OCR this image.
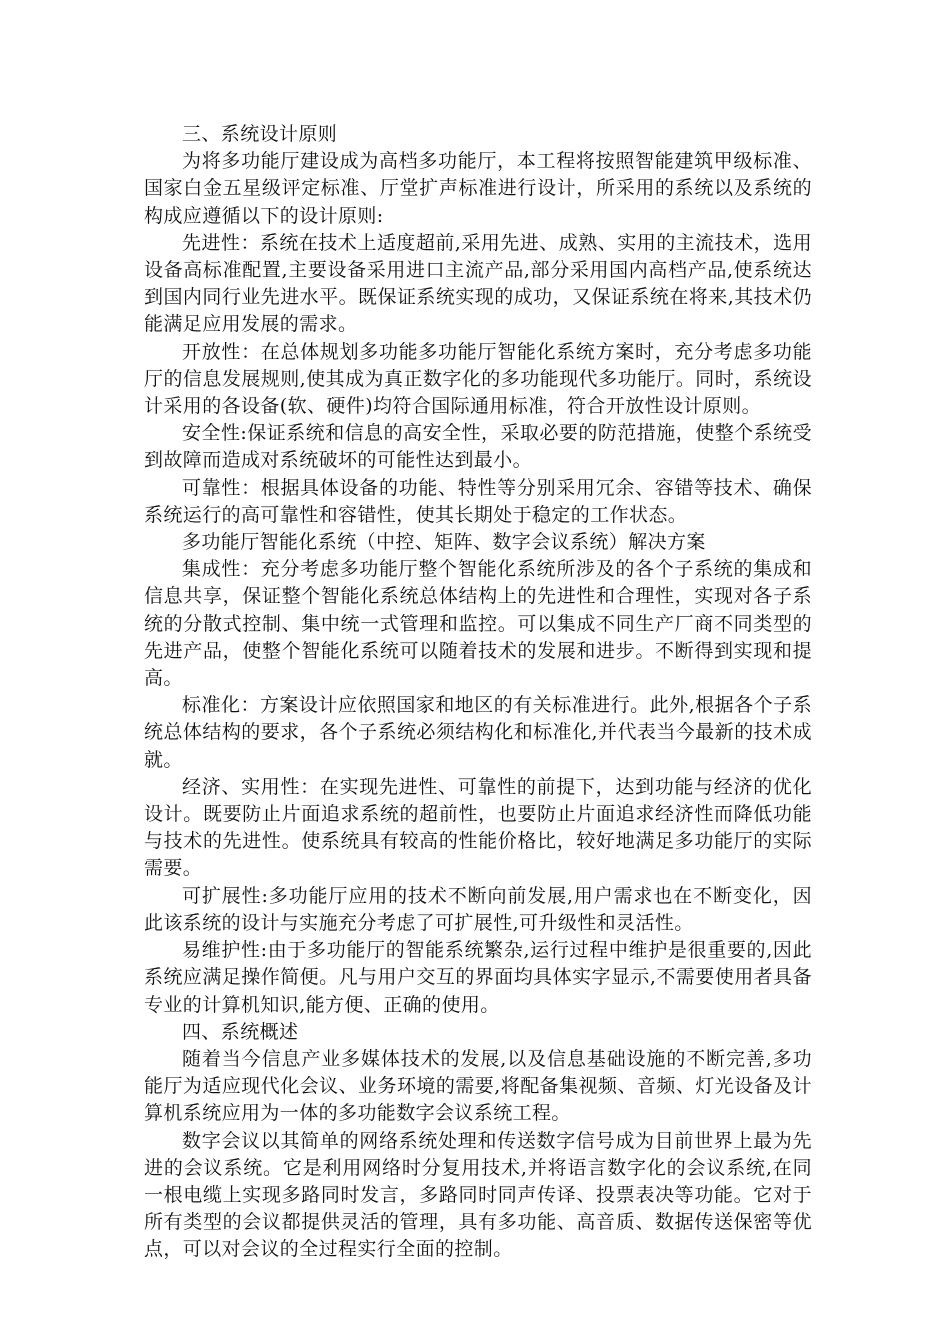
三、系统设计原则

为将多功能厅建设成为高档多功能厅，本工程将按照智能建筑甲级标准、国家白金五星级评定标准、厅堂扩声标准进行设计，所采用的系统以及系统的构成应遵循以下的设计原则:

先进性：系统在技术上适度超前,采用先进、成熟、实用的主流技术，选用设备高标准配置,主要设备采用进口主流产品,部分采用国内高档产品,使系统达到国内同行业先进水平。既保证系统实现的成功，又保证系统在将来,其技术仍能满足应用发展的需求。

开放性：在总体规划多功能多功能厅智能化系统方案时，充分考虑多功能厅的信息发展规则,使其成为真正数字化的多功能现代多功能厅。同时，系统设计采用的各设备(软、硬件)均符合国际通用标准，符合开放性设计原则。

安全性:保证系统和信息的高安全性，采取必要的防范措施，使整个系统受到故障而造成对系统破坏的可能性达到最小。

可靠性：根据具体设备的功能、特性等分别采用冗余、容错等技术、确保系统运行的高可靠性和容错性，使其长期处于稳定的工作状态。

多功能厅智能化系统（中控、矩阵、数字会议系统）解决方案

集成性：充分考虑多功能厅整个智能化系统所涉及的各个子系统的集成和信息共享，保证整个智能化系统总体结构上的先进性和合理性，实现对各子系统的分散式控制、集中统一式管理和监控。可以集成不同生产厂商不同类型的先进产品，使整个智能化系统可以随着技术的发展和进步。不断得到实现和提高。

标准化：方案设计应依照国家和地区的有关标准进行。此外,根据各个子系统总体结构的要求，各个子系统必须结构化和标准化,并代表当今最新的技术成就。

经济、实用性：在实现先进性、可靠性的前提下，达到功能与经济的优化设计。既要防止片面追求系统的超前性，也要防止片面追求经济性而降低功能与技术的先进性。使系统具有较高的性能价格比，较好地满足多功能厅的实际需要。

可扩展性:多功能厅应用的技术不断向前发展,用户需求也在不断变化，因此该系统的设计与实施充分考虑了可扩展性,可升级性和灵活性。

易维护性:由于多功能厅的智能系统繁杂,运行过程中维护是很重要的,因此系统应满足操作简便。凡与用户交互的界面均具体实字显示,不需要使用者具备专业的计算机知识,能方便、正确的使用。

四、系统概述

随着当今信息产业多媒体技术的发展,以及信息基础设施的不断完善,多功能厅为适应现代化会议、业务环境的需要,将配备集视频、音频、灯光设备及计算机系统应用为一体的多功能数字会议系统工程。

数字会议以其简单的网络系统处理和传送数字信号成为目前世界上最为先进的会议系统。它是利用网络时分复用技术,并将语言数字化的会议系统,在同一根电缆上实现多路同时发言，多路同时同声传译、投票表决等功能。它对于所有类型的会议都提供灵活的管理，具有多功能、高音质、数据传送保密等优点，可以对会议的全过程实行全面的控制。
